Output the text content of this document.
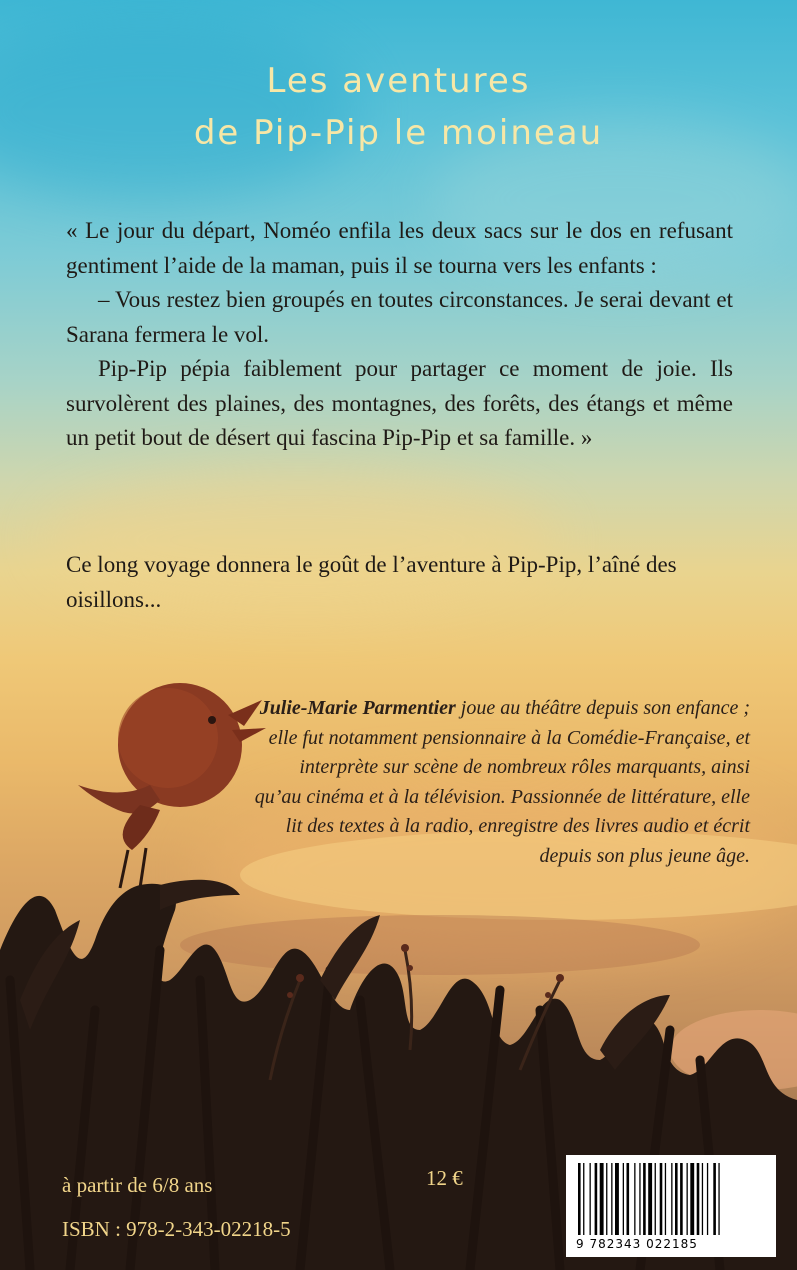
Les aventures
de Pip-Pip le moineau

« Le jour du départ, Noméo enfila les deux sacs sur le dos en refusant gentiment l’aide de la maman, puis il se tourna vers les enfants :

– Vous restez bien groupés en toutes circonstances. Je serai devant et Sarana fermera le vol.

Pip-Pip pépia faiblement pour partager ce moment de joie. Ils survolèrent des plaines, des montagnes, des forêts, des étangs et même un petit bout de désert qui fascina Pip-Pip et sa famille. »

Ce long voyage donnera le goût de l’aventure à Pip-Pip, l’aîné des oisillons...

Julie-Marie Parmentier joue au théâtre depuis son enfance ; elle fut notamment pensionnaire à la Comédie-Française, et interprète sur scène de nombreux rôles marquants, ainsi qu’au cinéma et à la télévision. Passionnée de littérature, elle lit des textes à la radio, enregistre des livres audio et écrit depuis son plus jeune âge.
à partir de 6/8 ans	12 €
ISBN : 978-2-343-02218-5
9 782343 022185
